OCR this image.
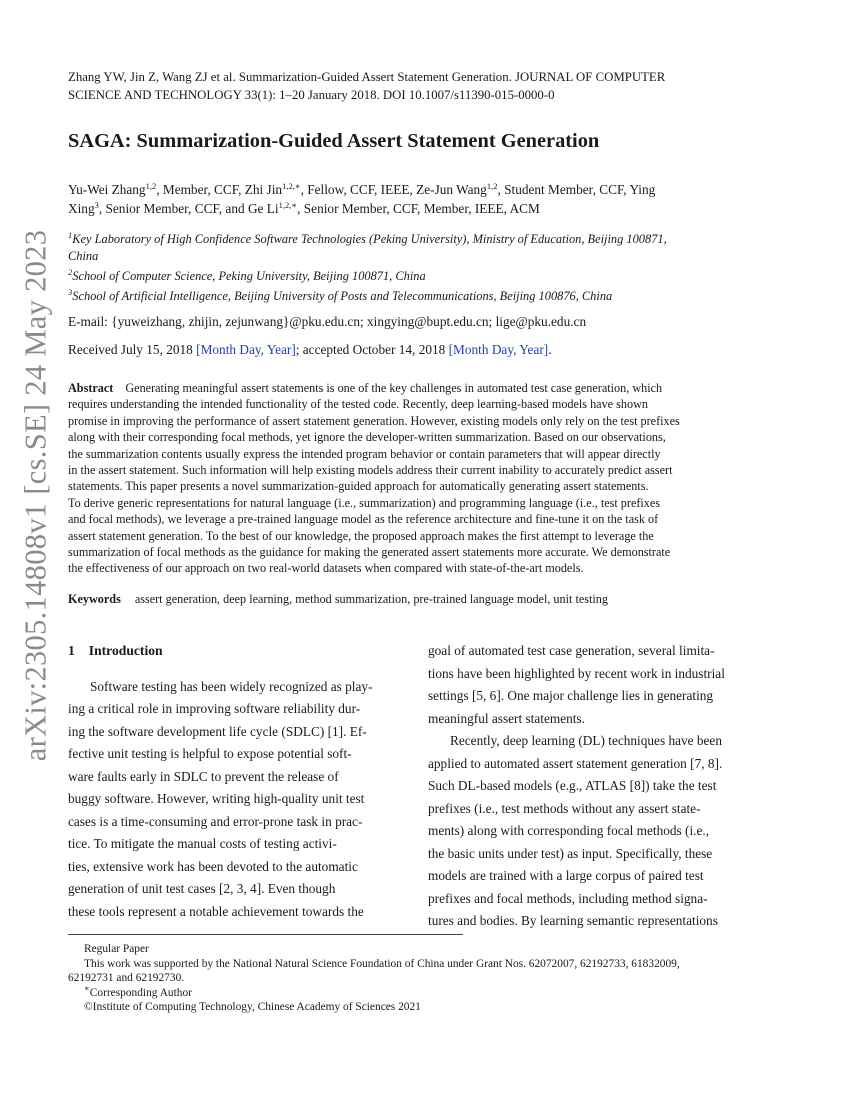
arXiv:2305.14808v1 [cs.SE] 24 May 2023
Zhang YW, Jin Z, Wang ZJ et al. Summarization-Guided Assert Statement Generation. JOURNAL OF COMPUTER
SCIENCE AND TECHNOLOGY 33(1): 1–20 January 2018. DOI 10.1007/s11390-015-0000-0
SAGA: Summarization-Guided Assert Statement Generation
Yu-Wei Zhang$^{1,2}$, Member, CCF, Zhi Jin$^{1,2,∗}$, Fellow, CCF, IEEE, Ze-Jun Wang$^{1,2}$, Student Member, CCF, Ying
Xing$^3$, Senior Member, CCF, and Ge $Li^{1,2,∗}$, Senior Member, CCF, Member, IEEE, ACM
$^1$Key Laboratory of High Confidence Software Technologies (Peking University), Ministry of Education, Beijing 100871,
China
$^2$School of Computer Science, Peking University, Beijing 100871, China
$^3$School of Artificial Intelligence, Beijing University of Posts and Telecommunications, Beijing 100876, China
E-mail: {yuweizhang, zhijin, zejunwang}@pku.edu.cn; xingying@bupt.edu.cn; lige@pku.edu.cn
Received July 15, 2018 [Month Day, Year]; accepted October 14, 2018 [Month Day, Year].
Abstract Generating meaningful assert statements is one of the key challenges in automated test case generation, which
requires understanding the intended functionality of the tested code. Recently, deep learning-based models have shown
promise in improving the performance of assert statement generation. However, existing models only rely on the test prefixes
along with their corresponding focal methods, yet ignore the developer-written summarization. Based on our observations,
the summarization contents usually express the intended program behavior or contain parameters that will appear directly
in the assert statement. Such information will help existing models address their current inability to accurately predict assert
statements. This paper presents a novel summarization-guided approach for automatically generating assert statements.
To derive generic representations for natural language (i.e., summarization) and programming language (i.e., test prefixes
and focal methods), we leverage a pre-trained language model as the reference architecture and fine-tune it on the task of
assert statement generation. To the best of our knowledge, the proposed approach makes the first attempt to leverage the
summarization of focal methods as the guidance for making the generated assert statements more accurate. We demonstrate
the effectiveness of our approach on two real-world datasets when compared with state-of-the-art models.
Keywords assert generation, deep learning, method summarization, pre-trained language model, unit testing
1 Introduction
Software testing has been widely recognized as play-
ing a critical role in improving software reliability dur-
ing the software development life cycle (SDLC) [1]. Ef-
fective unit testing is helpful to expose potential soft-
ware faults early in SDLC to prevent the release of
buggy software. However, writing high-quality unit test
cases is a time-consuming and error-prone task in prac-
tice. To mitigate the manual costs of testing activi-
ties, extensive work has been devoted to the automatic
generation of unit test cases [2, 3, 4]. Even though
these tools represent a notable achievement towards the
goal of automated test case generation, several limita-
tions have been highlighted by recent work in industrial
settings [5, 6]. One major challenge lies in generating
meaningful assert statements.
Recently, deep learning (DL) techniques have been
applied to automated assert statement generation [7, 8].
Such DL-based models (e.g., ATLAS [8]) take the test
prefixes (i.e., test methods without any assert state-
ments) along with corresponding focal methods (i.e.,
the basic units under test) as input. Specifically, these
models are trained with a large corpus of paired test
prefixes and focal methods, including method signa-
tures and bodies. By learning semantic representations
Regular Paper
This work was supported by the National Natural Science Foundation of China under Grant Nos. 62072007, 62192733, 61832009,
62192731 and 62192730.
∗Corresponding Author
©Institute of Computing Technology, Chinese Academy of Sciences 2021
